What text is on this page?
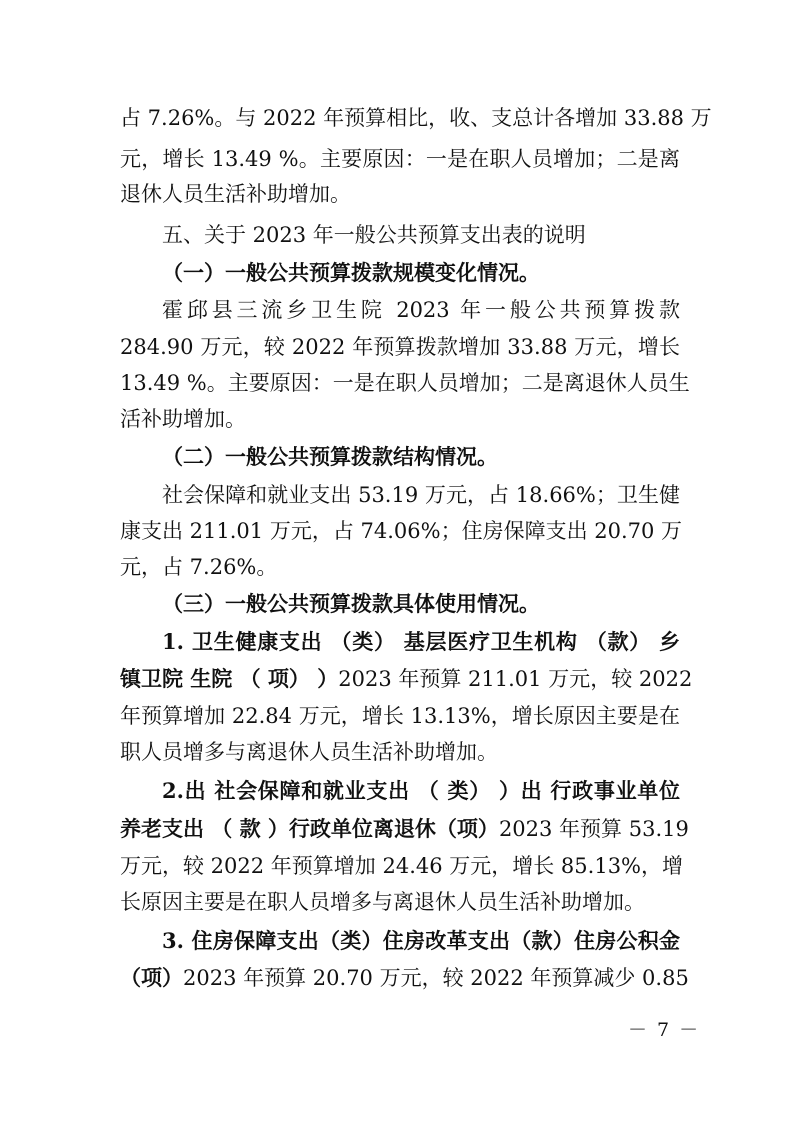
占 7.26%。与 2022 年预算相比，收、支总计各增加 33.88 万
元，增长 13.49 %。主要原因：一是在职人员增加；二是离
退休人员生活补助增加。
五、关于 2023 年一般公共预算支出表的说明
（一）一般公共预算拨款规模变化情况。
霍邱县三流乡卫生院 2023 年一般公共预算拨款
284.90 万元，较 2022 年预算拨款增加 33.88 万元，增长
13.49 %。主要原因：一是在职人员增加；二是离退休人员生
活补助增加。
（二）一般公共预算拨款结构情况。
社会保障和就业支出 53.19 万元，占 18.66%；卫生健
康支出 211.01 万元，占 74.06%；住房保障支出 20.70 万
元，占 7.26%。
（三）一般公共预算拨款具体使用情况。
1. 卫生健康支出 （类） 基层医疗卫生机构 （款） 乡
镇卫院 生院 （ 项） ）2023 年预算 211.01 万元，较 2022
年预算增加 22.84 万元，增长 13.13%，增长原因主要是在
职人员增多与离退休人员生活补助增加。
2.出 社会保障和就业支出 （ 类） ）出 行政事业单位
养老支出 （ 款 ）行政单位离退休（项）2023 年预算 53.19
万元，较 2022 年预算增加 24.46 万元，增长 85.13%，增
长原因主要是在职人员增多与离退休人员生活补助增加。
3. 住房保障支出（类）住房改革支出（款）住房公积金
（项）2023 年预算 20.70 万元，较 2022 年预算减少 0.85
－ 7 －
